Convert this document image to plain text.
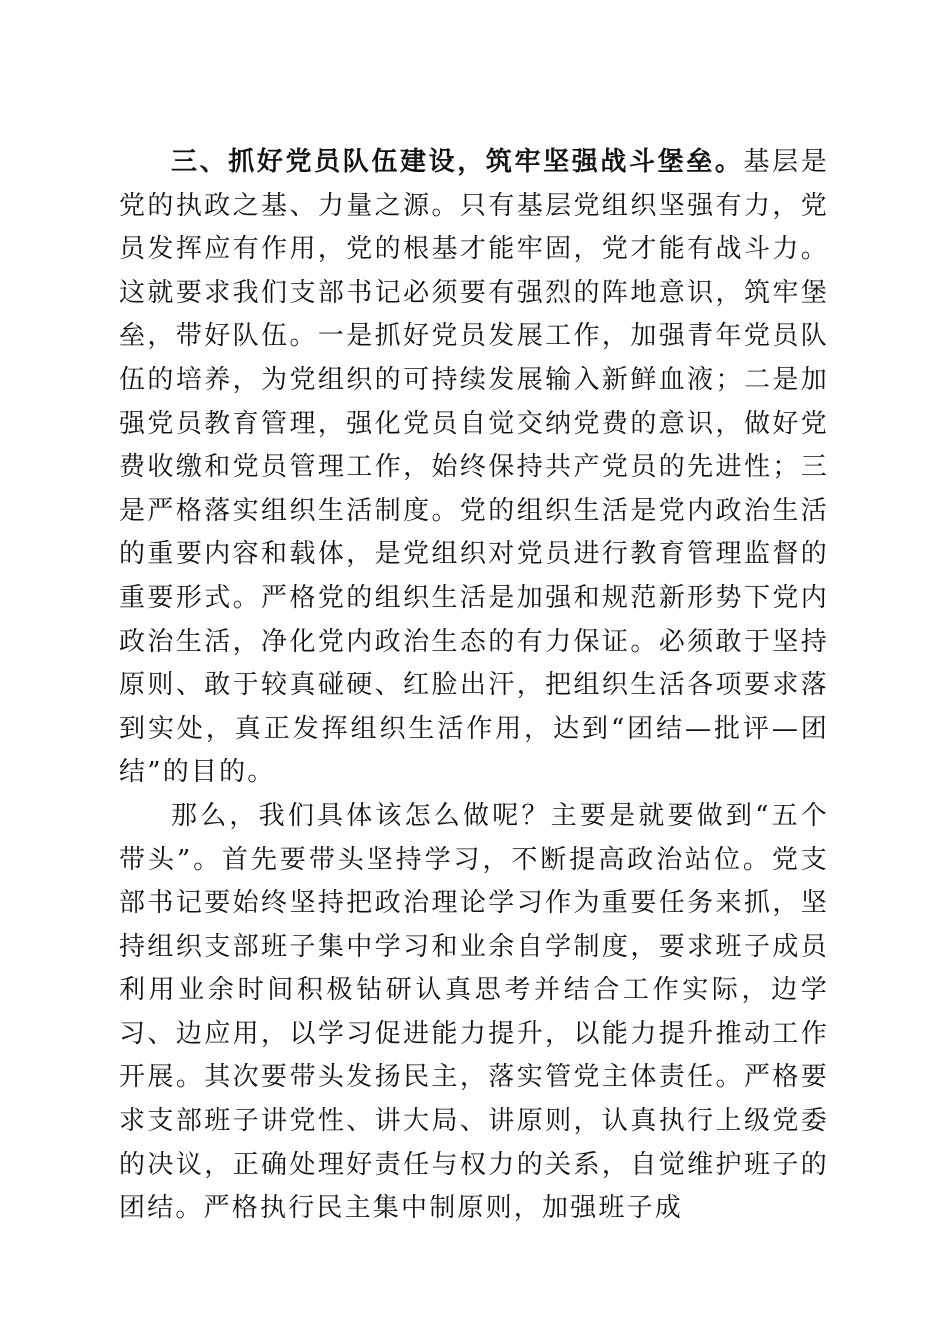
三、抓好党员队伍建设，筑牢坚强战斗堡垒。基层是党的执政之基、力量之源。只有基层党组织坚强有力，党员发挥应有作用，党的根基才能牢固，党才能有战斗力。这就要求我们支部书记必须要有强烈的阵地意识，筑牢堡垒，带好队伍。一是抓好党员发展工作，加强青年党员队伍的培养，为党组织的可持续发展输入新鲜血液；二是加强党员教育管理，强化党员自觉交纳党费的意识，做好党费收缴和党员管理工作，始终保持共产党员的先进性；三是严格落实组织生活制度。党的组织生活是党内政治生活的重要内容和载体，是党组织对党员进行教育管理监督的重要形式。严格党的组织生活是加强和规范新形势下党内政治生活，净化党内政治生态的有力保证。必须敢于坚持原则、敢于较真碰硬、红脸出汗，把组织生活各项要求落到实处，真正发挥组织生活作用，达到“团结—批评—团结”的目的。

那么，我们具体该怎么做呢？主要是就要做到“五个带头”。首先要带头坚持学习，不断提高政治站位。党支部书记要始终坚持把政治理论学习作为重要任务来抓，坚持组织支部班子集中学习和业余自学制度，要求班子成员利用业余时间积极钻研认真思考并结合工作实际，边学习、边应用，以学习促进能力提升，以能力提升推动工作开展。其次要带头发扬民主，落实管党主体责任。严格要求支部班子讲党性、讲大局、讲原则，认真执行上级党委的决议，正确处理好责任与权力的关系，自觉维护班子的团结。严格执行民主集中制原则，加强班子成
